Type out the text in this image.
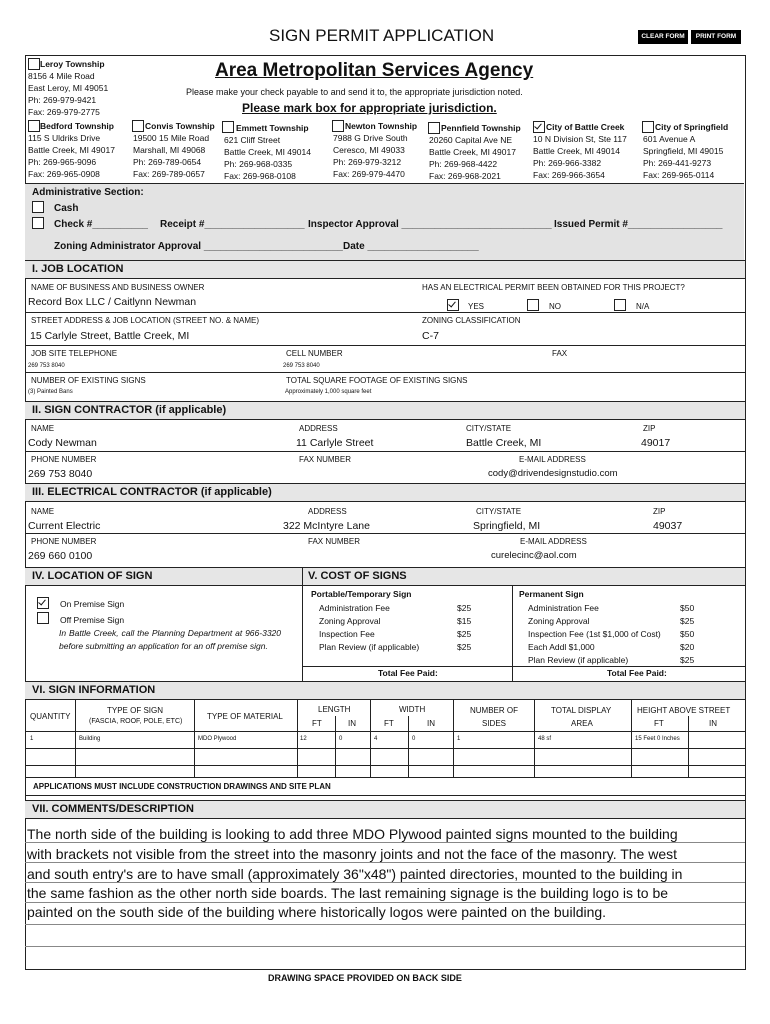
SIGN PERMIT APPLICATION	CLEAR FORM	PRINT FORM
Area Metropolitan Services Agency
Please make your check payable to and send it to, the appropriate jurisdiction noted.
Please mark box for appropriate jurisdiction.
Leroy Township
8156 4 Mile Road
East Leroy, MI 49051
Ph: 269-979-9421
Fax: 269-979-2775
Bedford Township
115 S Uldriks Drive
Battle Creek, MI 49017
Ph: 269-965-9096
Fax: 269-965-0908
Convis Township
19500 15 Mile Road
Marshall, MI 49068
Ph: 269-789-0654
Fax: 269-789-0657
Emmett Township
621 Cliff Street
Battle Creek, MI 49014
Ph: 269-968-0335
Fax: 269-968-0108
Newton Township
7988 G Drive South
Ceresco, MI 49033
Ph: 269-979-3212
Fax: 269-979-4470
Pennfield Township
20260 Capital Ave NE
Battle Creek, MI 49017
Ph: 269-968-4422
Fax: 269-968-2021
City of Battle Creek
10 N Division St, Ste 117
Battle Creek, MI 49014
Ph: 269-966-3382
Fax: 269-966-3654
City of Springfield
601 Avenue A
Springfield, MI 49015
Ph: 269-441-9273
Fax: 269-965-0114
Administrative Section:
Cash
Check #__________ Receipt #__________________ Inspector Approval ___________________________ Issued Permit #_________________
Zoning Administrator Approval _________________________ Date ____________________
I. JOB LOCATION
NAME OF BUSINESS AND BUSINESS OWNER
Record Box LLC / Caitlynn Newman
HAS AN ELECTRICAL PERMIT BEEN OBTAINED FOR THIS PROJECT?
YES	NO	N/A
STREET ADDRESS & JOB LOCATION (STREET NO. & NAME)
15 Carlyle Street, Battle Creek, MI
ZONING CLASSIFICATION
C-7
JOB SITE TELEPHONE
269 753 8040
CELL NUMBER
269 753 8040
FAX
NUMBER OF EXISTING SIGNS
(3) Painted Bans
TOTAL SQUARE FOOTAGE OF EXISTING SIGNS
Approximately 1,000 square feet
II. SIGN CONTRACTOR (if applicable)
NAME
Cody Newman
ADDRESS
11 Carlyle Street
CITY/STATE
Battle Creek, MI
ZIP
49017
PHONE NUMBER
269 753 8040
FAX NUMBER	E-MAIL ADDRESS
cody@drivendesignstudio.com
III. ELECTRICAL CONTRACTOR (if applicable)
NAME
Current Electric
ADDRESS
322 McIntyre Lane
CITY/STATE
Springfield, MI
ZIP
49037
PHONE NUMBER
269 660 0100
FAX NUMBER	E-MAIL ADDRESS
curelecinc@aol.com
IV. LOCATION OF SIGN	V. COST OF SIGNS
On Premise Sign
Off Premise Sign
In Battle Creek, call the Planning Department at 966-3320 before submitting an application for an off premise sign.
Portable/Temporary Sign
Administration Fee	$25
Zoning Approval	$15
Inspection Fee	$25
Plan Review (if applicable)	$25
Total Fee Paid:
Permanent Sign
Administration Fee	$50
Zoning Approval	$25
Inspection Fee (1st $1,000 of Cost) $50
Each Addl $1,000	$20
Plan Review (if applicable)	$25
Total Fee Paid:
VI. SIGN INFORMATION
QUANTITY
TYPE OF SIGN
(FASCIA, ROOF, POLE, ETC)
TYPE OF MATERIAL
LENGTH
FT	IN
WIDTH
FT	IN
NUMBER OF
SIDES
TOTAL DISPLAY
AREA
HEIGHT ABOVE STREET
FT	IN
1	Building	MDO Plywood	12	0	4	0	1	48 sf	15 Feet 0 Inches
APPLICATIONS MUST INCLUDE CONSTRUCTION DRAWINGS AND SITE PLAN
VII. COMMENTS/DESCRIPTION
The north side of the building is looking to add three MDO Plywood painted signs mounted to the building
with brackets not visible from the street into the masonry joints and not the face of the masonry. The west
and south entry's are to have small (approximately 36"x48") painted directories, mounted to the building in
the same fashion as the other north side boards. The last remaining signage is the building logo is to be
painted on the south side of the building where historically logos were painted on the building.
DRAWING SPACE PROVIDED ON BACK SIDE
